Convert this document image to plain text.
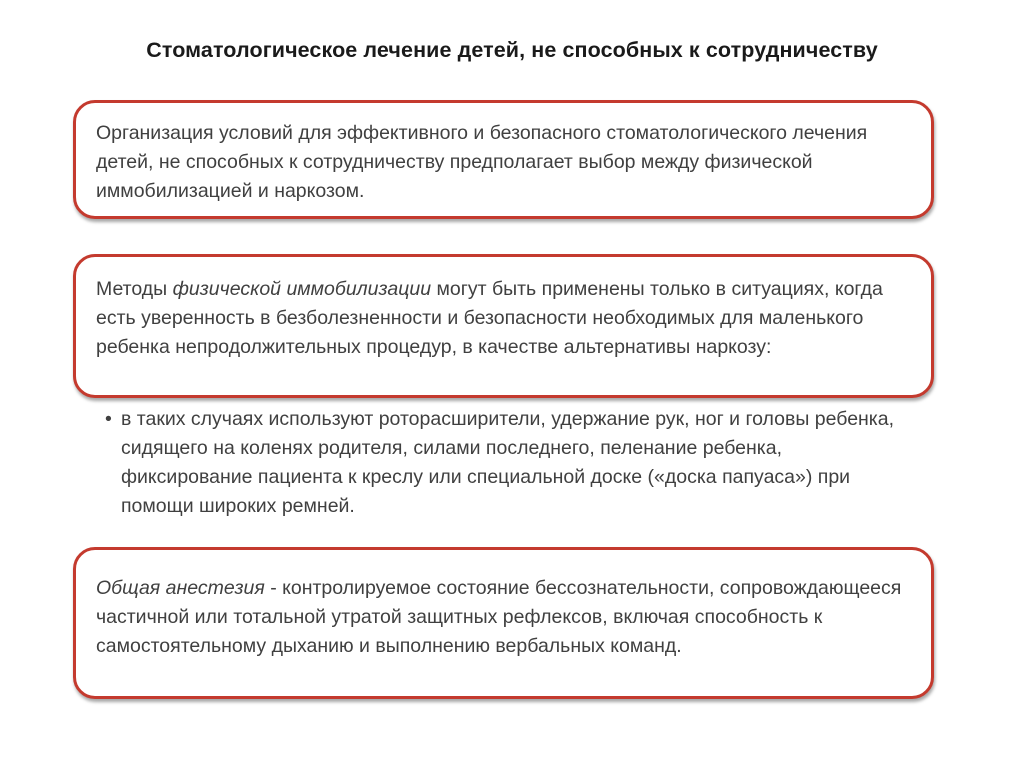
Стоматологическое лечение детей, не способных к сотрудничеству
Организация условий для эффективного и безопасного стоматологического лечения детей, не способных к сотрудничеству предполагает выбор между физической иммобилизацией и наркозом.
Методы физической иммобилизации могут быть применены только в ситуациях, когда есть уверенность в безболезненности и безопасности необходимых для маленького ребенка непродолжительных процедур, в качестве альтернативы наркозу:
• в таких случаях используют роторасширители, удержание рук, ног и головы ребенка, сидящего на коленях родителя, силами последнего, пеленание ребенка, фиксирование пациента к креслу или специальной доске («доска папуаса») при помощи широких ремней.
Общая анестезия - контролируемое состояние бессознательности, сопровождающееся частичной или тотальной утратой защитных рефлексов, включая способность к самостоятельному дыханию и выполнению вербальных команд.
